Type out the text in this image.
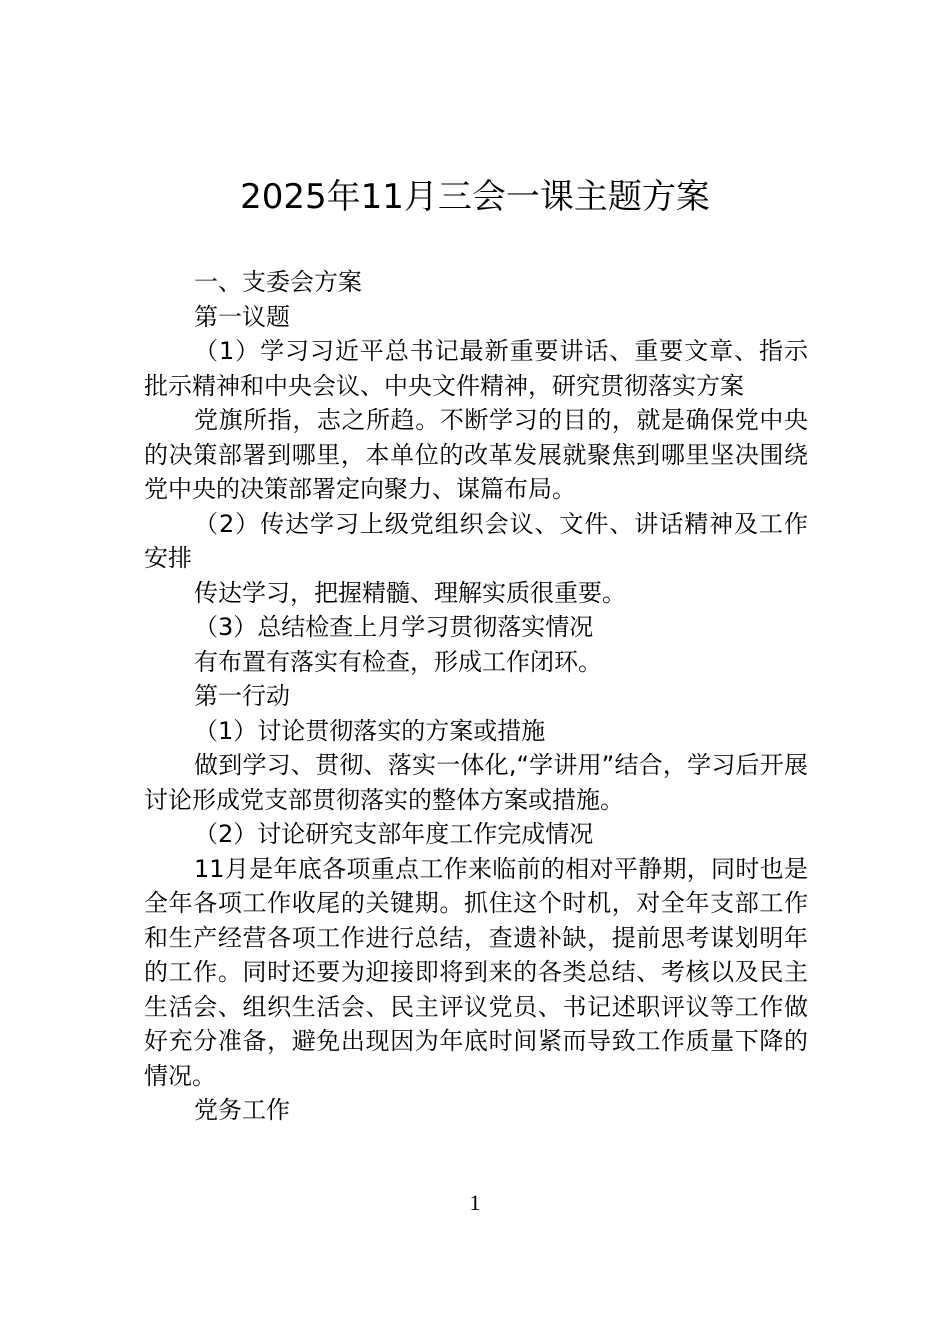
2025年11月三会一课主题方案

一、支委会方案

第一议题

（1）学习习近平总书记最新重要讲话、重要文章、指示批示精神和中央会议、中央文件精神，研究贯彻落实方案

党旗所指，志之所趋。不断学习的目的，就是确保党中央的决策部署到哪里，本单位的改革发展就聚焦到哪里坚决围绕党中央的决策部署定向聚力、谋篇布局。

（2）传达学习上级党组织会议、文件、讲话精神及工作安排

传达学习，把握精髓、理解实质很重要。

（3）总结检查上月学习贯彻落实情况

有布置有落实有检查，形成工作闭环。

第一行动

（1）讨论贯彻落实的方案或措施

做到学习、贯彻、落实一体化,“学讲用”结合，学习后开展讨论形成党支部贯彻落实的整体方案或措施。

（2）讨论研究支部年度工作完成情况

11月是年底各项重点工作来临前的相对平静期，同时也是全年各项工作收尾的关键期。抓住这个时机，对全年支部工作和生产经营各项工作进行总结，查遗补缺，提前思考谋划明年的工作。同时还要为迎接即将到来的各类总结、考核以及民主生活会、组织生活会、民主评议党员、书记述职评议等工作做好充分准备，避免出现因为年底时间紧而导致工作质量下降的情况。

党务工作

1
